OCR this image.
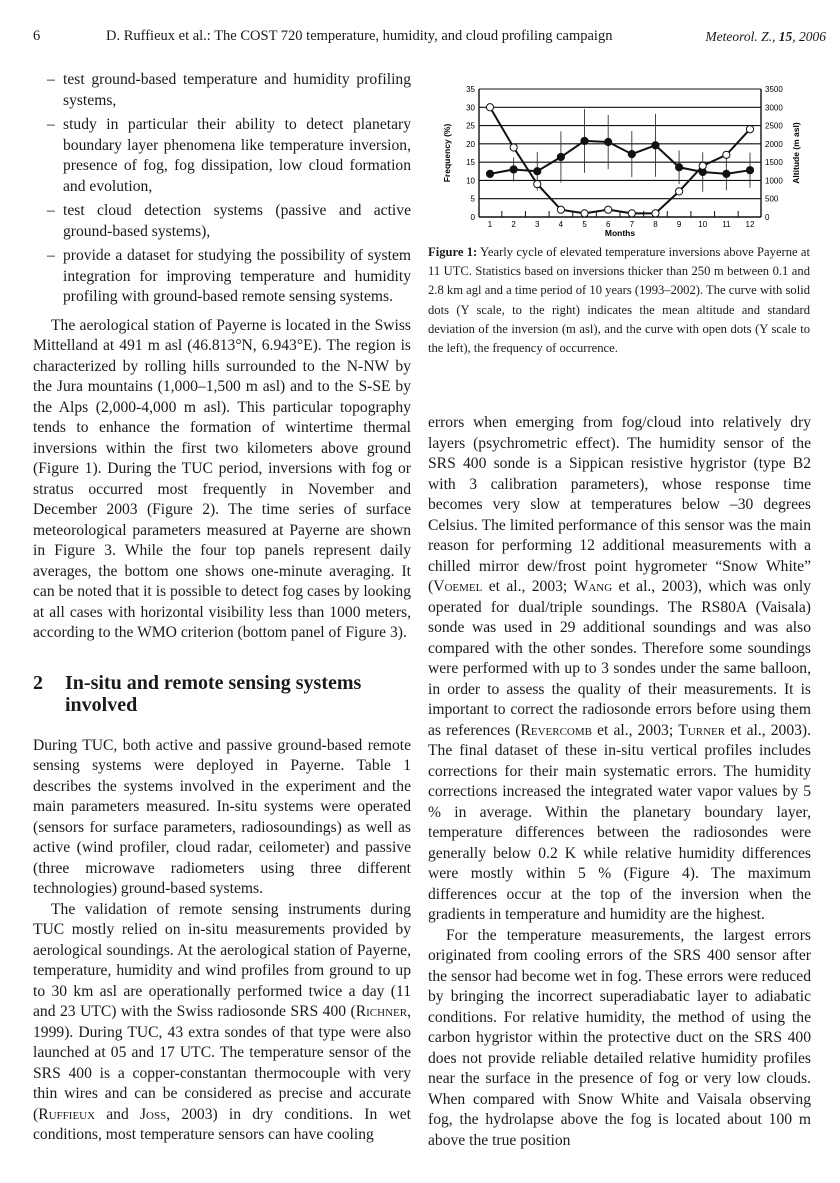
6	D. Ruffieux et al.: The COST 720 temperature, humidity, and cloud profiling campaign	Meteorol. Z., 15, 2006
– test ground-based temperature and humidity profiling systems,
– study in particular their ability to detect planetary boundary layer phenomena like temperature inversion, presence of fog, fog dissipation, low cloud formation and evolution,
– test cloud detection systems (passive and active ground-based systems),
– provide a dataset for studying the possibility of system integration for improving temperature and humidity profiling with ground-based remote sensing systems.

The aerological station of Payerne is located in the Swiss Mittelland at 491 m asl (46.813°N, 6.943°E). The region is characterized by rolling hills surrounded to the N-NW by the Jura mountains (1,000–1,500 m asl) and to the S-SE by the Alps (2,000-4,000 m asl). This particular topography tends to enhance the formation of wintertime thermal inversions within the first two kilometers above ground (Figure 1). During the TUC period, inversions with fog or stratus occurred most frequently in November and December 2003 (Figure 2). The time series of surface meteorological parameters measured at Payerne are shown in Figure 3. While the four top panels represent daily averages, the bottom one shows one-minute averaging. It can be noted that it is possible to detect fog cases by looking at all cases with horizontal visibility less than 1000 meters, according to the WMO criterion (bottom panel of Figure 3).

2 In-situ and remote sensing systems involved

During TUC, both active and passive ground-based remote sensing systems were deployed in Payerne. Table 1 describes the systems involved in the experiment and the main parameters measured. In-situ systems were operated (sensors for surface parameters, radiosoundings) as well as active (wind profiler, cloud radar, ceilometer) and passive (three microwave radiometers using three different technologies) ground-based systems.

The validation of remote sensing instruments during TUC mostly relied on in-situ measurements provided by aerological soundings. At the aerological station of Payerne, temperature, humidity and wind profiles from ground to up to 30 km asl are operationally performed twice a day (11 and 23 UTC) with the Swiss radiosonde SRS 400 (Richner, 1999). During TUC, 43 extra sondes of that type were also launched at 05 and 17 UTC. The temperature sensor of the SRS 400 is a copper-constantan thermocouple with very thin wires and can be considered as precise and accurate (Ruffieux and Joss, 2003) in dry conditions. In wet conditions, most temperature sensors can have cooling

0
5
10
15
20
25
30
35
0
500
1000
1500
2000
2500
3000
3500
1 2 3 4 5 6 7 8 9 10 11 12
Frequency (%)	Altitude (m asl)
Months
Figure 1: Yearly cycle of elevated temperature inversions above Payerne at 11 UTC. Statistics based on inversions thicker than 250 m between 0.1 and 2.8 km agl and a time period of 10 years (1993–2002). The curve with solid dots (Y scale, to the right) indicates the mean altitude and standard deviation of the inversion (m asl), and the curve with open dots (Y scale to the left), the frequency of occurrence.

errors when emerging from fog/cloud into relatively dry layers (psychrometric effect). The humidity sensor of the SRS 400 sonde is a Sippican resistive hygristor (type B2 with 3 calibration parameters), whose response time becomes very slow at temperatures below –30 degrees Celsius. The limited performance of this sensor was the main reason for performing 12 additional measurements with a chilled mirror dew/frost point hygrometer “Snow White” (Voemel et al., 2003; Wang et al., 2003), which was only operated for dual/triple soundings. The RS80A (Vaisala) sonde was used in 29 additional soundings and was also compared with the other sondes. Therefore some soundings were performed with up to 3 sondes under the same balloon, in order to assess the quality of their measurements. It is important to correct the radiosonde errors before using them as references (Revercomb et al., 2003; Turner et al., 2003). The final dataset of these in-situ vertical profiles includes corrections for their main systematic errors. The humidity corrections increased the integrated water vapor values by 5 % in average. Within the planetary boundary layer, temperature differences between the radiosondes were generally below 0.2 K while relative humidity differences were mostly within 5 % (Figure 4). The maximum differences occur at the top of the inversion when the gradients in temperature and humidity are the highest.

For the temperature measurements, the largest errors originated from cooling errors of the SRS 400 sensor after the sensor had become wet in fog. These errors were reduced by bringing the incorrect superadiabatic layer to adiabatic conditions. For relative humidity, the method of using the carbon hygristor within the protective duct on the SRS 400 does not provide reliable detailed relative humidity profiles near the surface in the presence of fog or very low clouds. When compared with Snow White and Vaisala observing fog, the hydrolapse above the fog is located about 100 m above the true position
